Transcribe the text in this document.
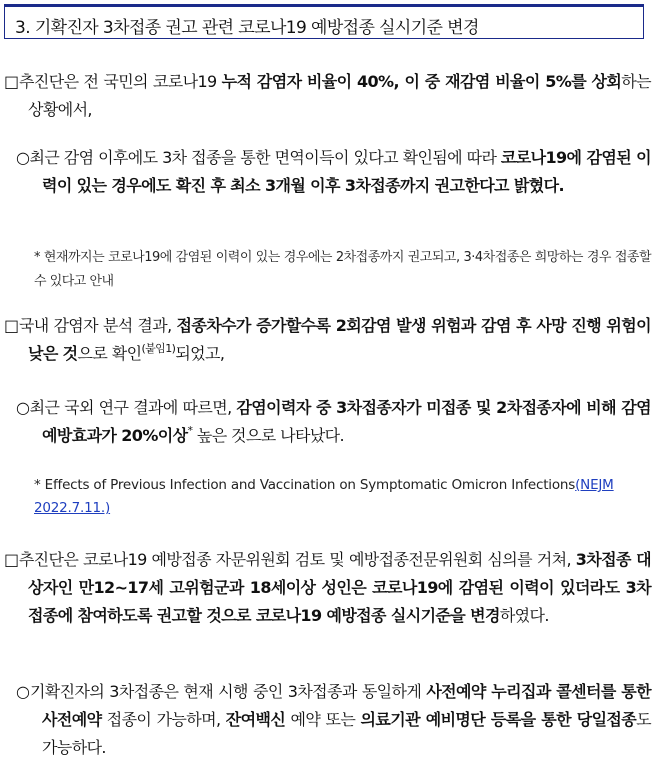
3. 기확진자 3차접종 권고 관련 코로나19 예방접종 실시기준 변경
□추진단은 전 국민의 코로나19 누적 감염자 비율이 40%, 이 중 재감염 비율이 5%를 상회하는 상황에서,
○최근 감염 이후에도 3차 접종을 통한 면역이득이 있다고 확인됨에 따라 코로나19에 감염된 이력이 있는 경우에도 확진 후 최소 3개월 이후 3차접종까지 권고한다고 밝혔다.
* 현재까지는 코로나19에 감염된 이력이 있는 경우에는 2차접종까지 권고되고, 3·4차접종은 희망하는 경우 접종할 수 있다고 안내
□국내 감염자 분석 결과, 접종차수가 증가할수록 2회감염 발생 위험과 감염 후 사망 진행 위험이 낮은 것으로 확인$^{(붙임1)}$되었고,
○최근 국외 연구 결과에 따르면, 감염이력자 중 3차접종자가 미접종 및 2차접종자에 비해 감염예방효과가 20%이상* 높은 것으로 나타났다.
* Effects of Previous Infection and Vaccination on Symptomatic Omicron Infections(NEJM 2022.7.11.)
□추진단은 코로나19 예방접종 자문위원회 검토 및 예방접종전문위원회 심의를 거쳐, 3차접종 대상자인 만12~17세 고위험군과 18세이상 성인은 코로나19에 감염된 이력이 있더라도 3차접종에 참여하도록 권고할 것으로 코로나19 예방접종 실시기준을 변경하였다.
○기확진자의 3차접종은 현재 시행 중인 3차접종과 동일하게 사전예약 누리집과 콜센터를 통한 사전예약 접종이 가능하며, 잔여백신 예약 또는 의료기관 예비명단 등록을 통한 당일접종도 가능하다.
